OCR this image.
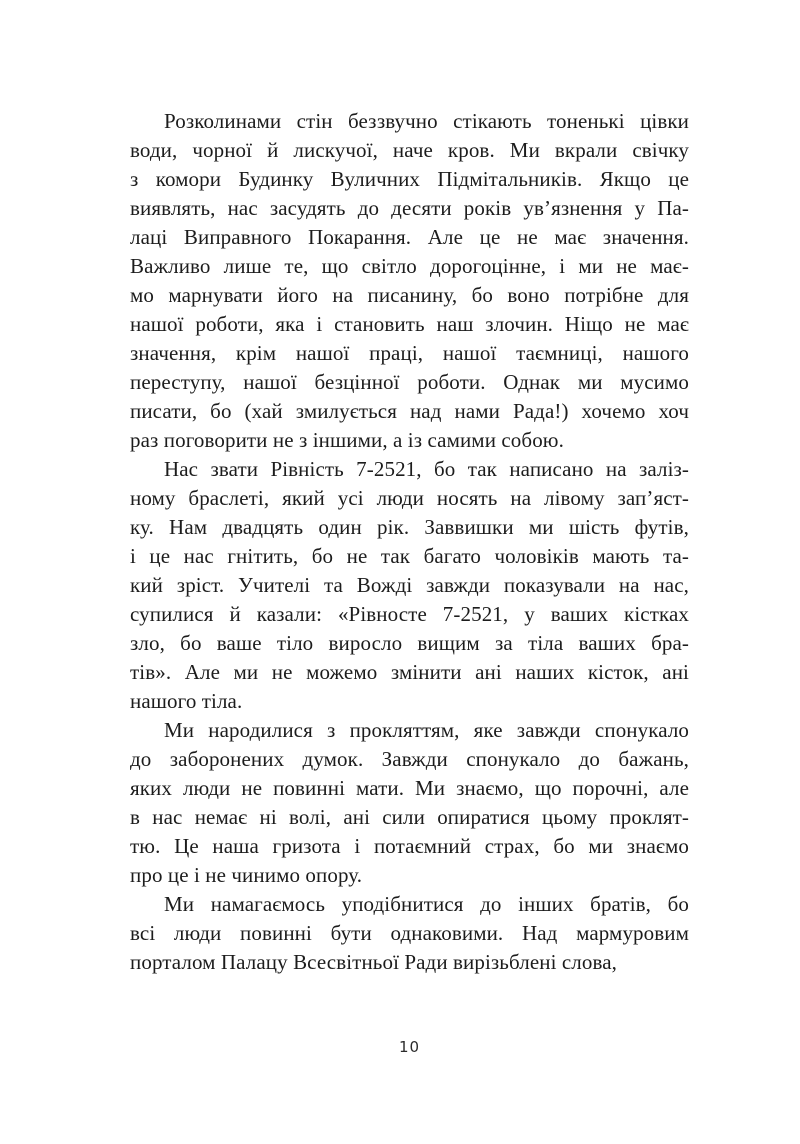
Розколинами стін беззвучно стікають тоненькі цівки
води, чорної й лискучої, наче кров. Ми вкрали свічку
з комори Будинку Вуличних Підмітальників. Якщо це
виявлять, нас засудять до десяти років ув’язнення у Па-
лаці Виправного Покарання. Але це не має значення.
Важливо лише те, що світло дорогоцінне, і ми не має-
мо марнувати його на писанину, бо воно потрібне для
нашої роботи, яка і становить наш злочин. Ніщо не має
значення, крім нашої праці, нашої таємниці, нашого
переступу, нашої безцінної роботи. Однак ми мусимо
писати, бо (хай змилується над нами Рада!) хочемо хоч
раз поговорити не з іншими, а із самими собою.
Нас звати Рівність 7-2521, бо так написано на заліз-
ному браслеті, який усі люди носять на лівому зап’яст-
ку. Нам двадцять один рік. Заввишки ми шість футів,
і це нас гнітить, бо не так багато чоловіків мають та-
кий зріст. Учителі та Вожді завжди показували на нас,
супилися й казали: «Рівносте 7-2521, у ваших кістках
зло, бо ваше тіло виросло вищим за тіла ваших бра-
тів». Але ми не можемо змінити ані наших кісток, ані
нашого тіла.
Ми народилися з прокляттям, яке завжди спонукало
до заборонених думок. Завжди спонукало до бажань,
яких люди не повинні мати. Ми знаємо, що порочні, але
в нас немає ні волі, ані сили опиратися цьому проклят-
тю. Це наша гризота і потаємний страх, бо ми знаємо
про це і не чинимо опору.
Ми намагаємось уподібнитися до інших братів, бо
всі люди повинні бути однаковими. Над мармуровим
порталом Палацу Всесвітньої Ради вирізьблені слова,
10
